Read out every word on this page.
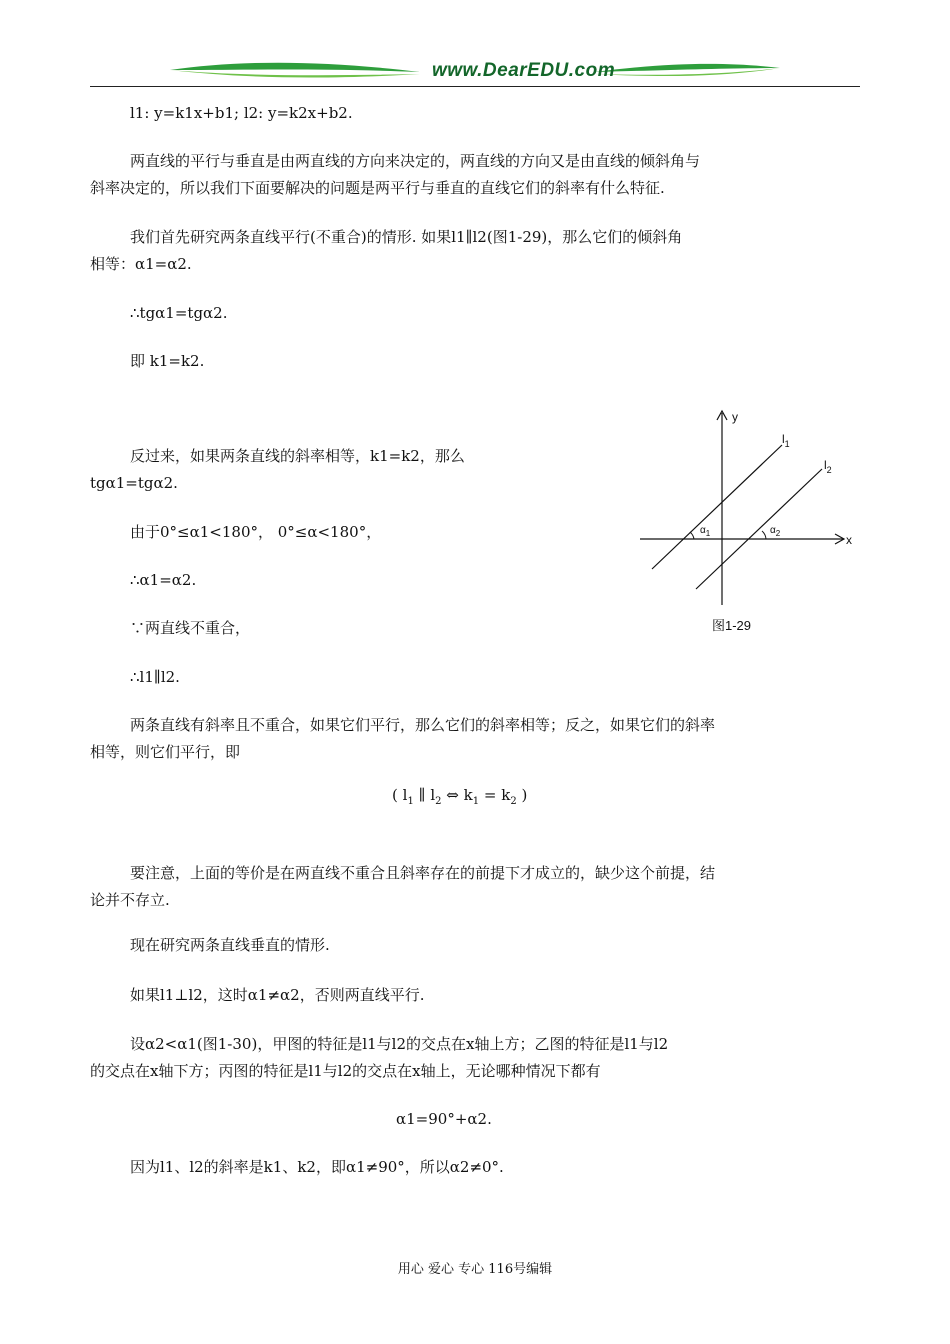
www.DearEDU.com
l1: y=k1x+b1; l2: y=k2x+b2.
两直线的平行与垂直是由两直线的方向来决定的，两直线的方向又是由直线的倾斜角与
斜率决定的，所以我们下面要解决的问题是两平行与垂直的直线它们的斜率有什么特征.
我们首先研究两条直线平行(不重合)的情形. 如果l1∥l2(图1-29)，那么它们的倾斜角
相等：α1=α2.
∴tgα1=tgα2.
即 k1=k2.
反过来，如果两条直线的斜率相等，k1=k2，那么
tgα1=tgα2.
由于0°≤α1<180°， 0°≤α<180°，
∴α1=α2.
∵两直线不重合，
∴l1∥l2.
两条直线有斜率且不重合，如果它们平行，那么它们的斜率相等；反之，如果它们的斜率
相等，则它们平行，即
( $l_1$ ∥ $l_2$ ⇔ $k_1 = k_2$ )
要注意，上面的等价是在两直线不重合且斜率存在的前提下才成立的，缺少这个前提，结
论并不存立.
现在研究两条直线垂直的情形.
如果l1⊥l2，这时α1≠α2，否则两直线平行.
设α2<α1(图1-30)，甲图的特征是l1与l2的交点在x轴上方；乙图的特征是l1与l2
的交点在x轴下方；丙图的特征是l1与l2的交点在x轴上，无论哪种情况下都有
α1=90°+α2.
因为l1、l2的斜率是k1、k2，即α1≠90°，所以α2≠0°.
y
x
$l_1$
$l_2$
$\alpha_1$	$\alpha_2$
图1-29
用心 爱心 专心 116号编辑
